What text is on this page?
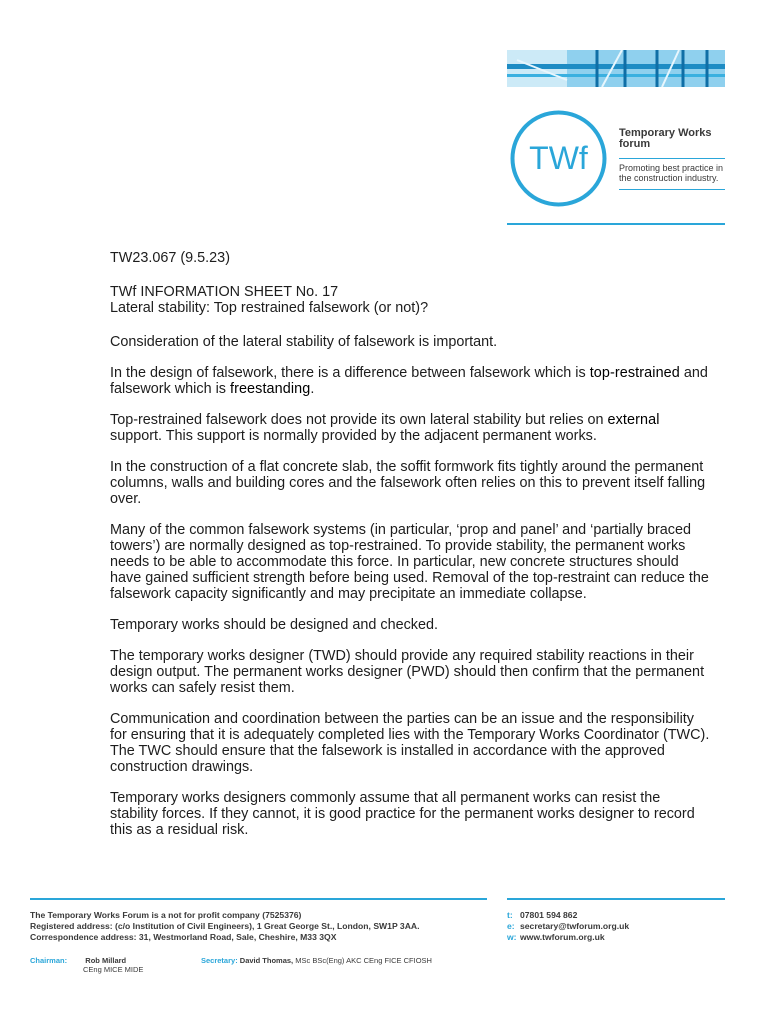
TWf
Temporary Works forum
Promoting best practice in the construction industry.

TW23.067 (9.5.23)

TWf INFORMATION SHEET No. 17

Lateral stability: Top restrained falsework (or not)?

Consideration of the lateral stability of falsework is important.

In the design of falsework, there is a difference between falsework which is top-restrained and falsework which is freestanding.

Top-restrained falsework does not provide its own lateral stability but relies on external support. This support is normally provided by the adjacent permanent works.

In the construction of a flat concrete slab, the soffit formwork fits tightly around the permanent columns, walls and building cores and the falsework often relies on this to prevent itself falling over.

Many of the common falsework systems (in particular, ‘prop and panel’ and ‘partially braced towers’) are normally designed as top-restrained. To provide stability, the permanent works needs to be able to accommodate this force. In particular, new concrete structures should have gained sufficient strength before being used. Removal of the top-restraint can reduce the falsework capacity significantly and may precipitate an immediate collapse.

Temporary works should be designed and checked.

The temporary works designer (TWD) should provide any required stability reactions in their design output. The permanent works designer (PWD) should then confirm that the permanent works can safely resist them.

Communication and coordination between the parties can be an issue and the responsibility for ensuring that it is adequately completed lies with the Temporary Works Coordinator (TWC). The TWC should ensure that the falsework is installed in accordance with the approved construction drawings.

Temporary works designers commonly assume that all permanent works can resist the stability forces. If they cannot, it is good practice for the permanent works designer to record this as a residual risk.

The Temporary Works Forum is a not for profit company (7525376)
Registered address: (c/o Institution of Civil Engineers), 1 Great George St., London, SW1P 3AA.
Correspondence address: 31, Westmorland Road, Sale, Cheshire, M33 3QX
t: 07801 594 862
e: secretary@twforum.org.uk
w: www.twforum.org.uk
Chairman: Rob Millard
CEng MICE MIDE
Secretary: David Thomas, MSc BSc(Eng) AKC CEng FICE CFIOSH
